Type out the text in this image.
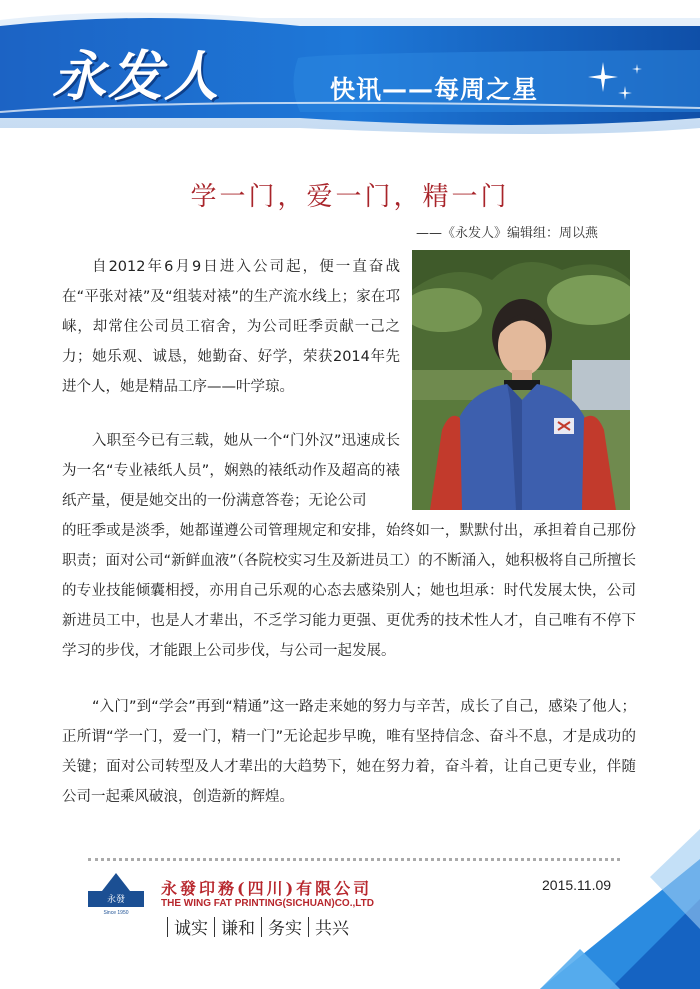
永发人	快讯——每周之星
学一门，爱一门，精一门
——《永发人》编辑组：周以燕

自2012年6月9日进入公司起，便一直奋战在“平张对裱”及“组装对裱”的生产流水线上；家在邛崃，却常住公司员工宿舍，为公司旺季贡献一己之力；她乐观、诚恳，她勤奋、好学，荣获2014年先进个人，她是精品工序——叶学琼。

入职至今已有三载，她从一个“门外汉”迅速成长为一名“专业裱纸人员”，娴熟的裱纸动作及超高的裱纸产量，便是她交出的一份满意答卷；无论公司

的旺季或是淡季，她都谨遵公司管理规定和安排，始终如一，默默付出，承担着自己那份职责；面对公司“新鲜血液”（各院校实习生及新进员工）的不断涌入，她积极将自己所擅长的专业技能倾囊相授，亦用自己乐观的心态去感染别人；她也坦承：时代发展太快，公司新进员工中，也是人才辈出，不乏学习能力更强、更优秀的技术性人才，自己唯有不停下学习的步伐，才能跟上公司步伐，与公司一起发展。

“入门”到“学会”再到“精通”这一路走来她的努力与辛苦，成长了自己，感染了他人；正所谓“学一门，爱一门，精一门”无论起步早晚，唯有坚持信念、奋斗不息，才是成功的关键；面对公司转型及人才辈出的大趋势下，她在努力着，奋斗着，让自己更专业，伴随公司一起乘风破浪，创造新的辉煌。

永發
Since 1950
永發印務(四川)有限公司
THE WING FAT PRINTING(SICHUAN)CO.,LTD
2015.11.09
诚实 谦和 务实 共兴
